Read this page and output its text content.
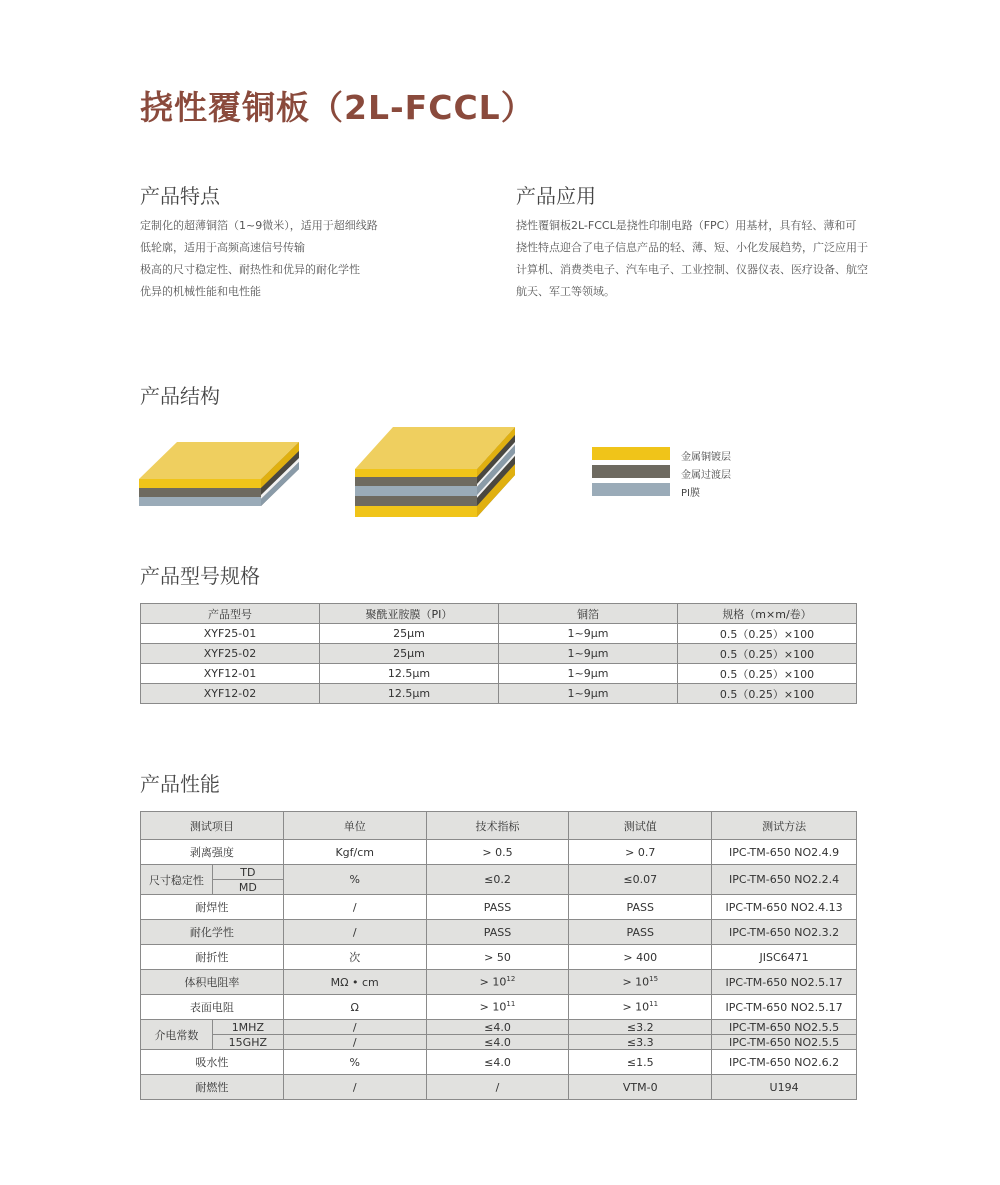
挠性覆铜板（2L-FCCL）
产品特点
定制化的超薄铜箔（1~9微米），适用于超细线路
低轮廓，适用于高频高速信号传输
极高的尺寸稳定性、耐热性和优异的耐化学性
优异的机械性能和电性能
产品应用
挠性覆铜板2L-FCCL是挠性印制电路（FPC）用基材，具有轻、薄和可
挠性特点迎合了电子信息产品的轻、薄、短、小化发展趋势，广泛应用于
计算机、消费类电子、汽车电子、工业控制、仪器仪表、医疗设备、航空
航天、军工等领域。
产品结构
金属铜镀层
金属过渡层
PI膜
产品型号规格
产品型号	聚酰亚胺膜（PI）	铜箔	规格（m×m/卷）
XYF25-01	25μm	1~9μm	0.5（0.25）×100
XYF25-02	25μm	1~9μm	0.5（0.25）×100
XYF12-01	12.5μm	1~9μm	0.5（0.25）×100
XYF12-02	12.5μm	1~9μm	0.5（0.25）×100
产品性能
测试项目		单位	技术指标	测试值	测试方法
剥离强度		Kgf/cm	> 0.5	> 0.7	IPC-TM-650 NO2.4.9
尺寸稳定性	TD	%	≤0.2	≤0.07	IPC-TM-650 NO2.2.4
	MD				
耐焊性		/	PASS	PASS	IPC-TM-650 NO2.4.13
耐化学性		/	PASS	PASS	IPC-TM-650 NO2.3.2
耐折性		次	> 50	> 400	JISC6471
体积电阻率		MΩ • cm	> $10^{12}$	> $10^{15}$	IPC-TM-650 NO2.5.17
表面电阻		Ω	> $10^{11}$	> $10^{11}$	IPC-TM-650 NO2.5.17
介电常数	1MHZ	/	≤4.0	≤3.2	IPC-TM-650 NO2.5.5
	15GHZ	/	≤4.0	≤3.3	IPC-TM-650 NO2.5.5
吸水性		%	≤4.0	≤1.5	IPC-TM-650 NO2.6.2
耐燃性		/	/	VTM-0	U194
